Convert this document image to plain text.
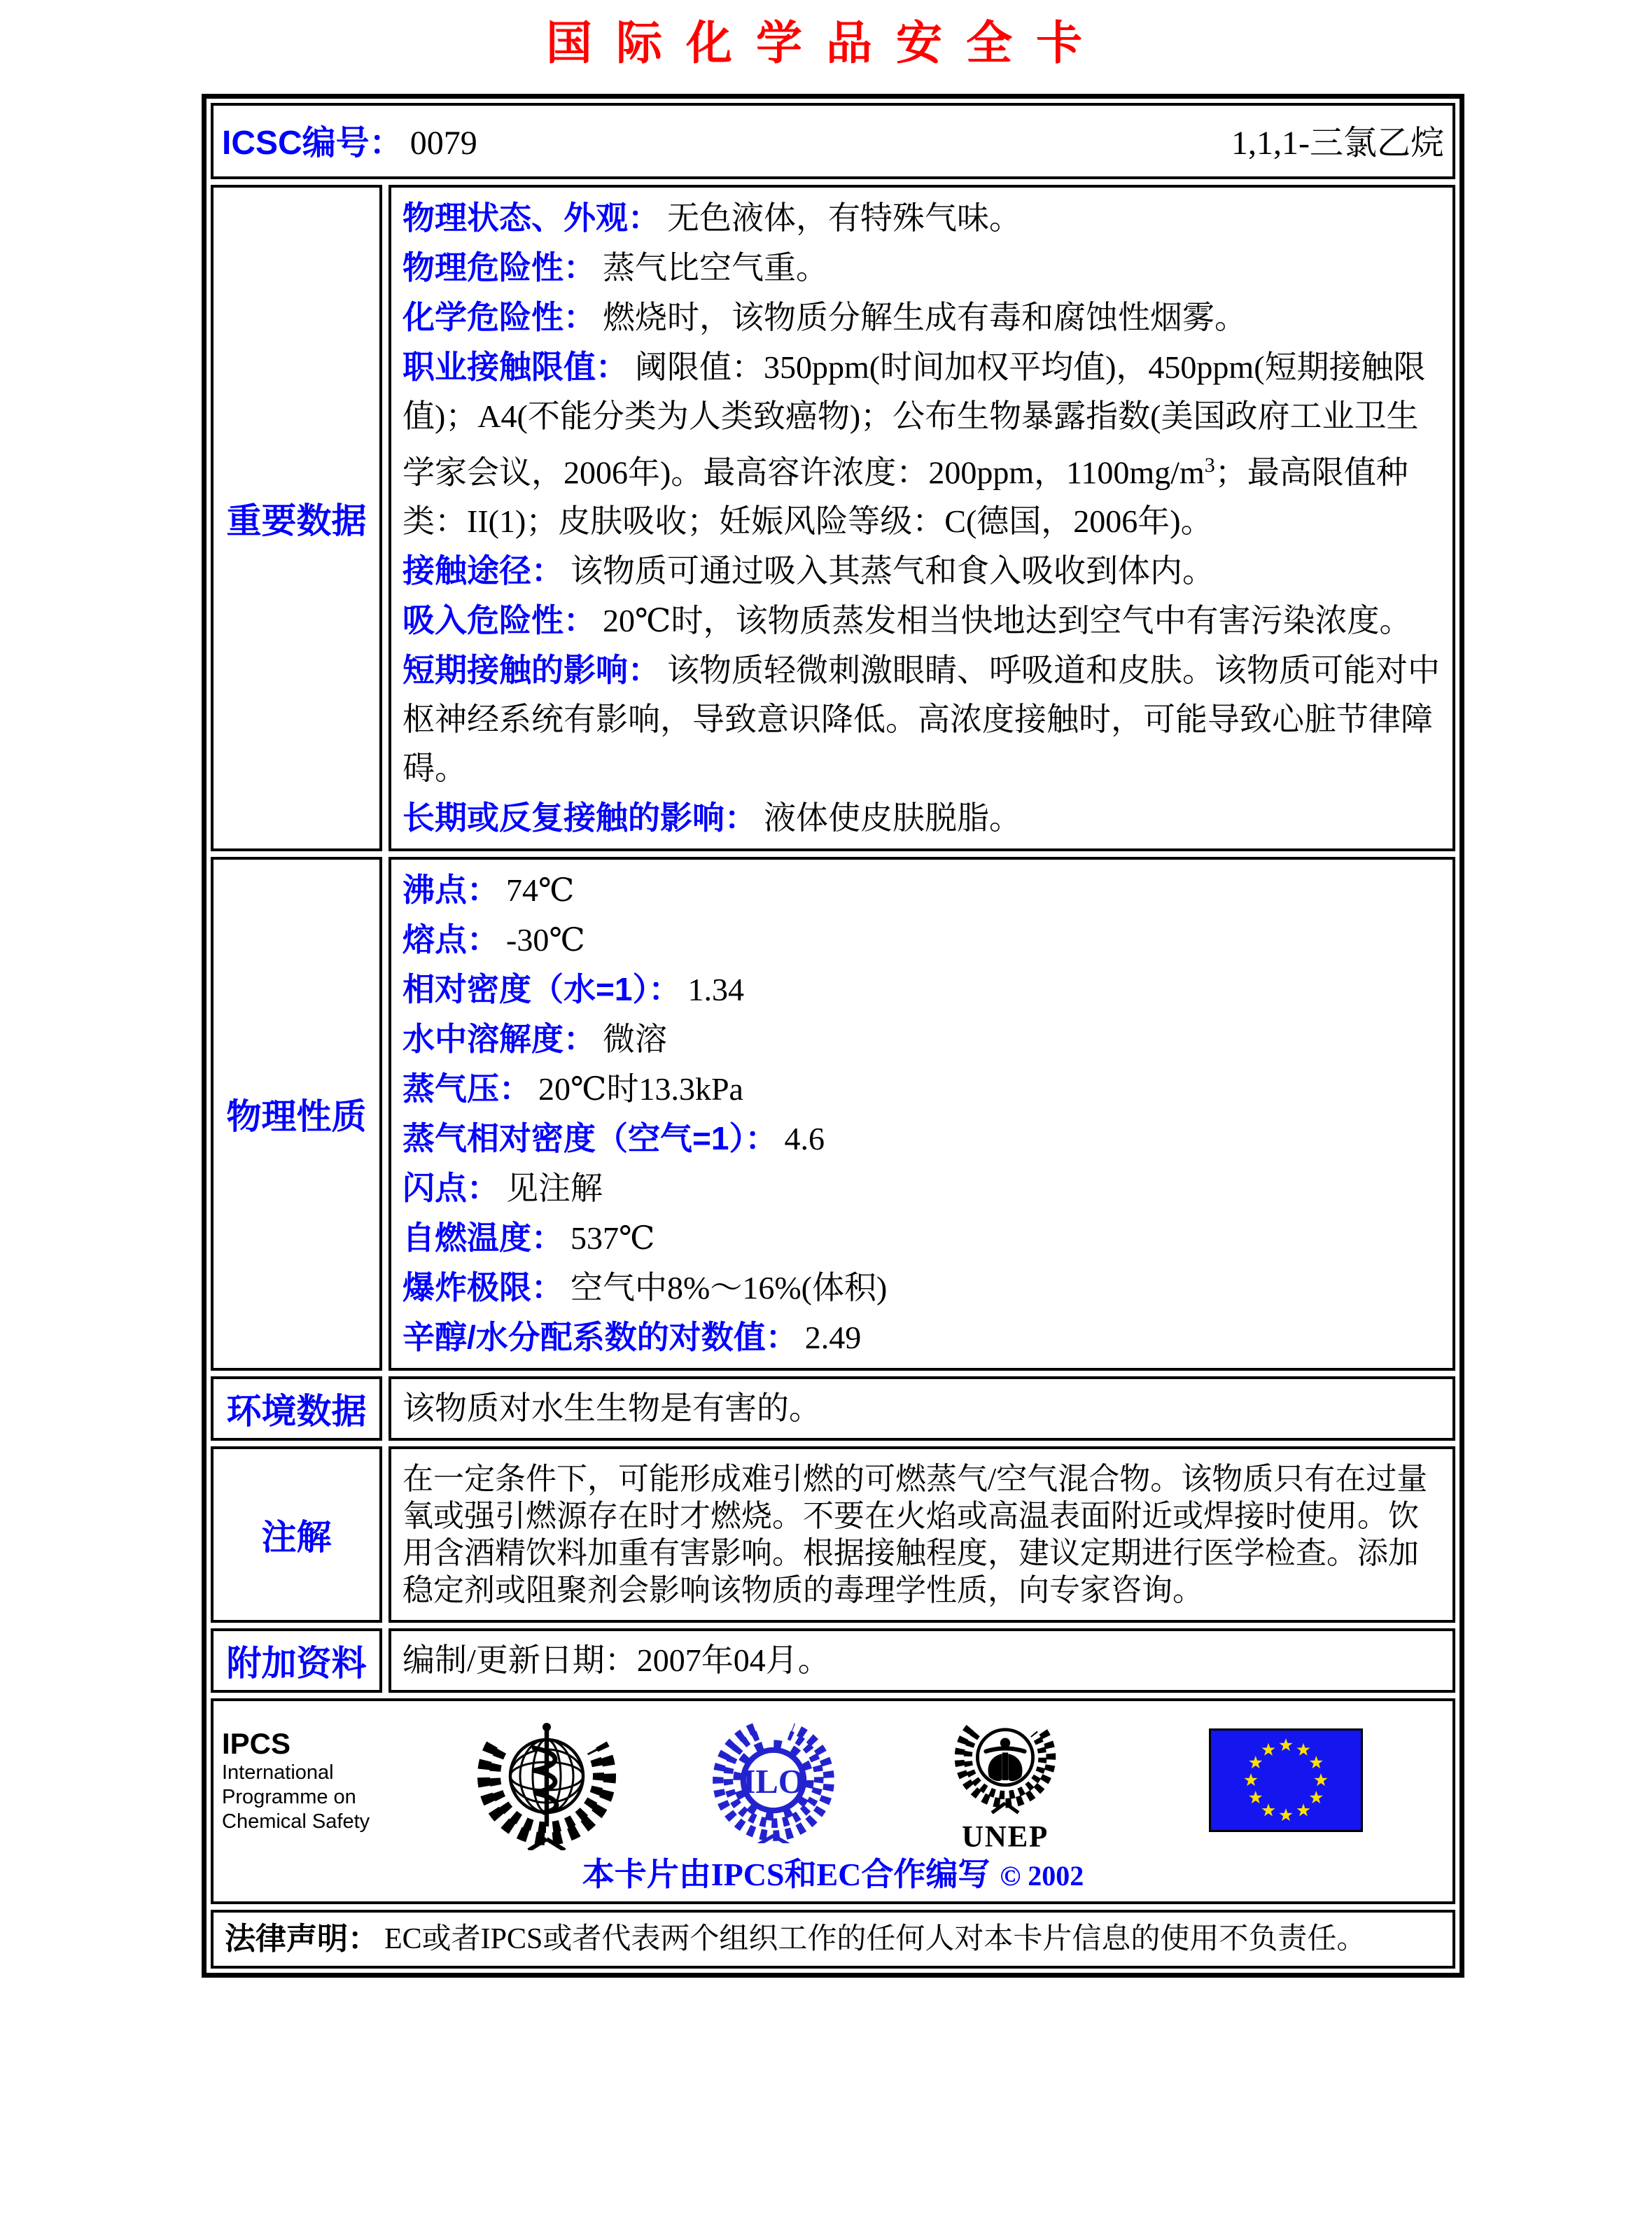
国际化学品安全卡
ICSC编号： 0079	1,1,1-三氯乙烷
重要数据

物理状态、外观： 无色液体，有特殊气味。

物理危险性： 蒸气比空气重。

化学危险性： 燃烧时，该物质分解生成有毒和腐蚀性烟雾。

职业接触限值： 阈限值：350ppm(时间加权平均值)，450ppm(短期接触限值)；A4(不能分类为人类致癌物)；公布生物暴露指数(美国政府工业卫生学家会议，2006年)。最高容许浓度：200ppm，$1100mg/m^3$；最高限值种类：II(1)；皮肤吸收；妊娠风险等级：C(德国，2006年)。

接触途径： 该物质可通过吸入其蒸气和食入吸收到体内。

吸入危险性： 20℃时，该物质蒸发相当快地达到空气中有害污染浓度。

短期接触的影响： 该物质轻微刺激眼睛、呼吸道和皮肤。该物质可能对中枢神经系统有影响，导致意识降低。高浓度接触时，可能导致心脏节律障碍。

长期或反复接触的影响： 液体使皮肤脱脂。

物理性质

沸点： 74℃

熔点： -30℃

相对密度（水=1）： 1.34

水中溶解度： 微溶

蒸气压： 20℃时13.3kPa

蒸气相对密度（空气=1）： 4.6

闪点： 见注解

自燃温度： 537℃

爆炸极限： 空气中8%～16%(体积)

辛醇/水分配系数的对数值： 2.49

环境数据 该物质对水生生物是有害的。
注解

在一定条件下，可能形成难引燃的可燃蒸气/空气混合物。该物质只有在过量氧或强引燃源存在时才燃烧。不要在火焰或高温表面附近或焊接时使用。饮用含酒精饮料加重有害影响。根据接触程度，建议定期进行医学检查。添加稳定剂或阻聚剂会影响该物质的毒理学性质，向专家咨询。

附加资料 编制/更新日期：2007年04月。
IPCS
International
Programme on
Chemical Safety
ILO
UNEP
本卡片由IPCS和EC合作编写 © 2002
法律声明： EC或者IPCS或者代表两个组织工作的任何人对本卡片信息的使用不负责任。
